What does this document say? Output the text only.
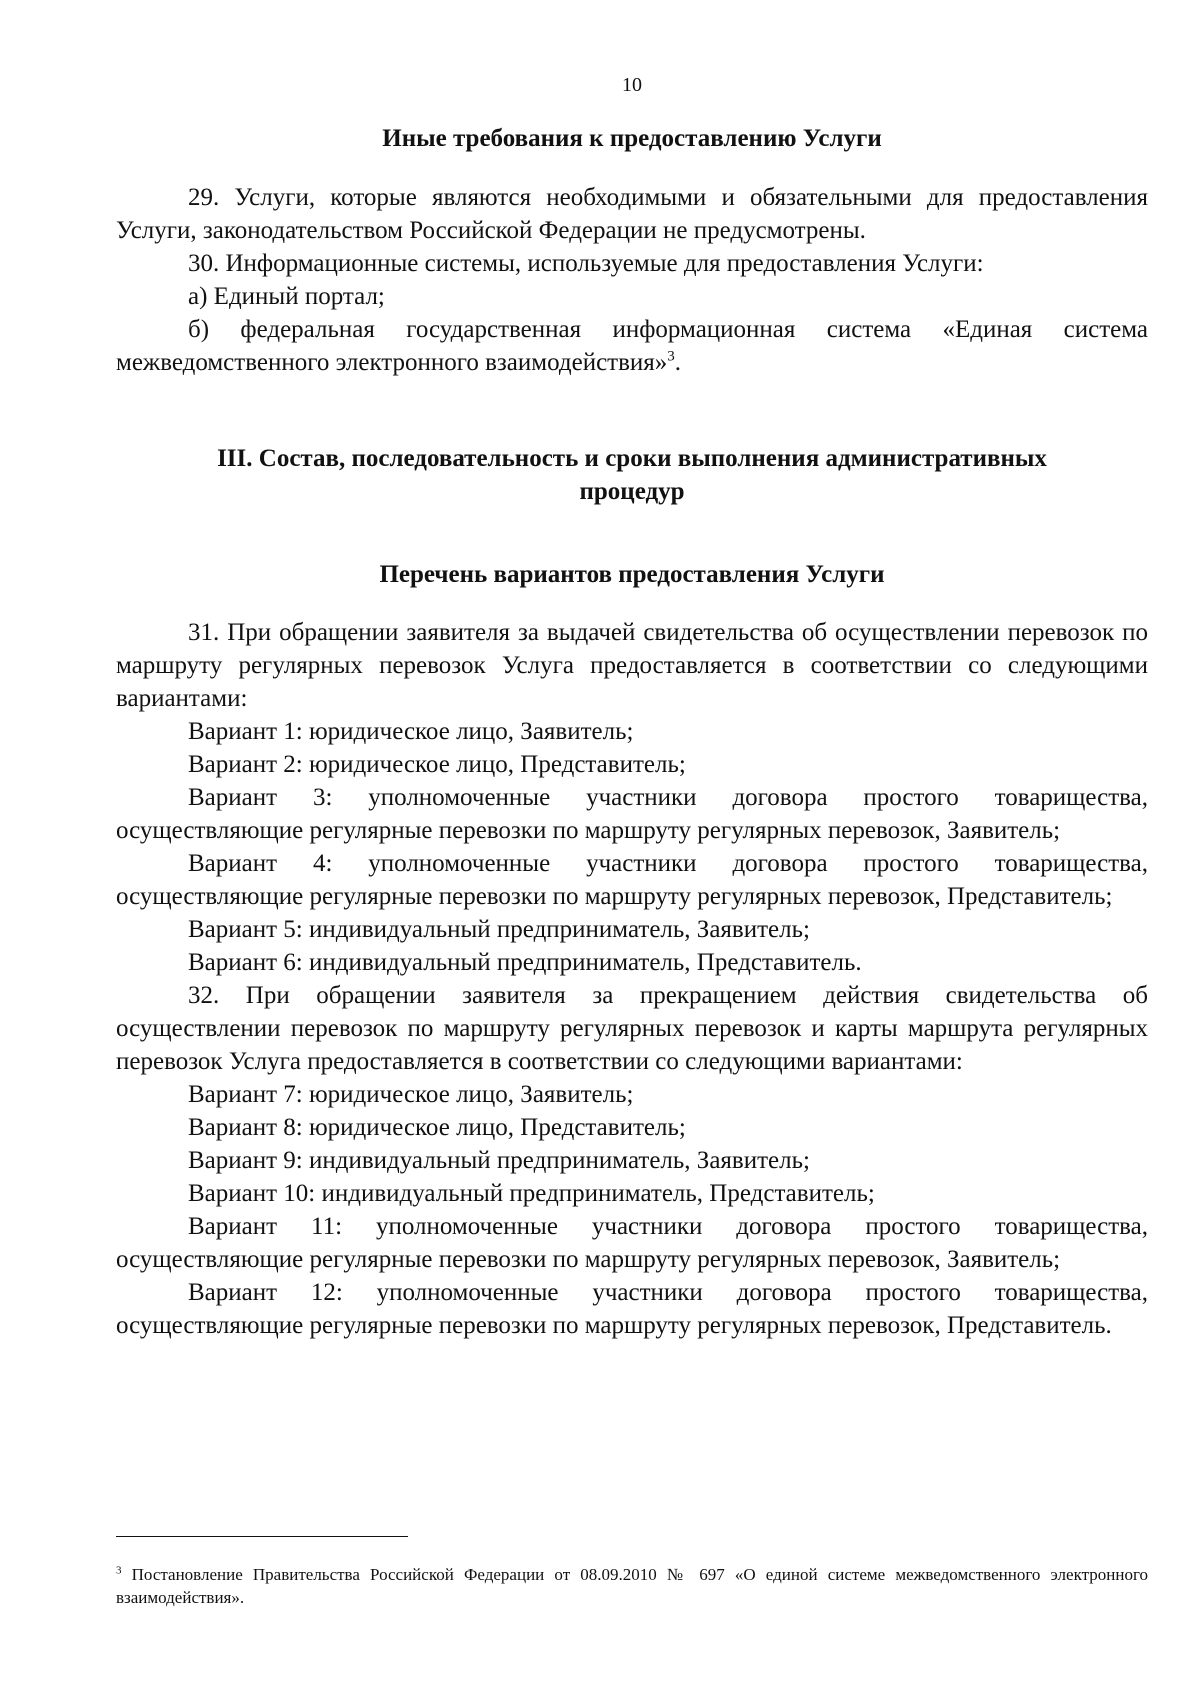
10
Иные требования к предоставлению Услуги

29. Услуги, которые являются необходимыми и обязательными для предоставления Услуги, законодательством Российской Федерации не предусмотрены.

30. Информационные системы, используемые для предоставления Услуги:

а) Единый портал;

б) федеральная государственная информационная система «Единая система межведомственного электронного взаимодействия»$^3$.

III. Состав, последовательность и сроки выполнения административных

процедур

Перечень вариантов предоставления Услуги

31. При обращении заявителя за выдачей свидетельства об осуществлении перевозок по маршруту регулярных перевозок Услуга предоставляется в соответствии со следующими вариантами:

Вариант 1: юридическое лицо, Заявитель;

Вариант 2: юридическое лицо, Представитель;

Вариант 3: уполномоченные участники договора простого товарищества, осуществляющие регулярные перевозки по маршруту регулярных перевозок, Заявитель;

Вариант 4: уполномоченные участники договора простого товарищества, осуществляющие регулярные перевозки по маршруту регулярных перевозок, Представитель;

Вариант 5: индивидуальный предприниматель, Заявитель;

Вариант 6: индивидуальный предприниматель, Представитель.

32. При обращении заявителя за прекращением действия свидетельства об осуществлении перевозок по маршруту регулярных перевозок и карты маршрута регулярных перевозок Услуга предоставляется в соответствии со следующими вариантами:

Вариант 7: юридическое лицо, Заявитель;

Вариант 8: юридическое лицо, Представитель;

Вариант 9: индивидуальный предприниматель, Заявитель;

Вариант 10: индивидуальный предприниматель, Представитель;

Вариант 11: уполномоченные участники договора простого товарищества, осуществляющие регулярные перевозки по маршруту регулярных перевозок, Заявитель;

Вариант 12: уполномоченные участники договора простого товарищества, осуществляющие регулярные перевозки по маршруту регулярных перевозок, Представитель.

$^3$ Постановление Правительства Российской Федерации от 08.09.2010 № 697 «О единой системе межведомственного электронного взаимодействия».
